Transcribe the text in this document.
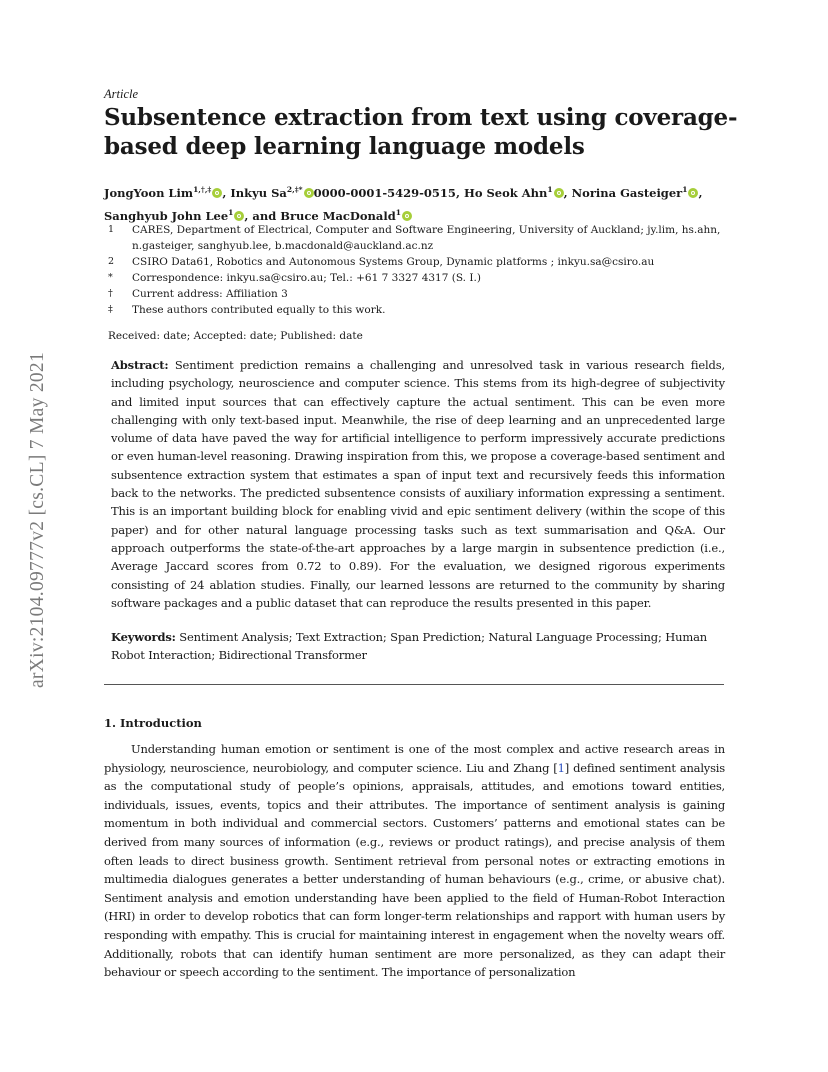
arXiv:2104.09777v2 [cs.CL] 7 May 2021
Article
Subsentence extraction from text using coverage-based deep learning language models
JongYoon Lim$^{1,\dagger,\ddagger}$ , Inkyu $Sa^{2,\ddagger*}$ 0000-0001-5429-0515, Ho Seok Ahn$^1$ , Norina Gasteiger$^1$ , Sanghyub John Lee$^1$ , and Bruce MacDonald$^1$
1	CARES, Department of Electrical, Computer and Software Engineering, University of Auckland; jy.lim, hs.ahn, n.gasteiger, sanghyub.lee, b.macdonald@auckland.ac.nz
2	CSIRO Data61, Robotics and Autonomous Systems Group, Dynamic platforms ; inkyu.sa@csiro.au
*	Correspondence: inkyu.sa@csiro.au; Tel.: +61 7 3327 4317 (S. I.)
†	Current address: Affiliation 3
‡	These authors contributed equally to this work.
Received: date; Accepted: date; Published: date
Abstract: Sentiment prediction remains a challenging and unresolved task in various research fields, including psychology, neuroscience and computer science. This stems from its high-degree of subjectivity and limited input sources that can effectively capture the actual sentiment. This can be even more challenging with only text-based input. Meanwhile, the rise of deep learning and an unprecedented large volume of data have paved the way for artificial intelligence to perform impressively accurate predictions or even human-level reasoning. Drawing inspiration from this, we propose a coverage-based sentiment and subsentence extraction system that estimates a span of input text and recursively feeds this information back to the networks. The predicted subsentence consists of auxiliary information expressing a sentiment. This is an important building block for enabling vivid and epic sentiment delivery (within the scope of this paper) and for other natural language processing tasks such as text summarisation and Q&A. Our approach outperforms the state-of-the-art approaches by a large margin in subsentence prediction (i.e., Average Jaccard scores from 0.72 to 0.89). For the evaluation, we designed rigorous experiments consisting of 24 ablation studies. Finally, our learned lessons are returned to the community by sharing software packages and a public dataset that can reproduce the results presented in this paper.
Keywords: Sentiment Analysis; Text Extraction; Span Prediction; Natural Language Processing; Human Robot Interaction; Bidirectional Transformer
1. Introduction

Understanding human emotion or sentiment is one of the most complex and active research areas in physiology, neuroscience, neurobiology, and computer science. Liu and Zhang [1] defined sentiment analysis as the computational study of people’s opinions, appraisals, attitudes, and emotions toward entities, individuals, issues, events, topics and their attributes. The importance of sentiment analysis is gaining momentum in both individual and commercial sectors. Customers’ patterns and emotional states can be derived from many sources of information (e.g., reviews or product ratings), and precise analysis of them often leads to direct business growth. Sentiment retrieval from personal notes or extracting emotions in multimedia dialogues generates a better understanding of human behaviours (e.g., crime, or abusive chat). Sentiment analysis and emotion understanding have been applied to the field of Human-Robot Interaction (HRI) in order to develop robotics that can form longer-term relationships and rapport with human users by responding with empathy. This is crucial for maintaining interest in engagement when the novelty wears off. Additionally, robots that can identify human sentiment are more personalized, as they can adapt their behaviour or speech according to the sentiment. The importance of personalization
